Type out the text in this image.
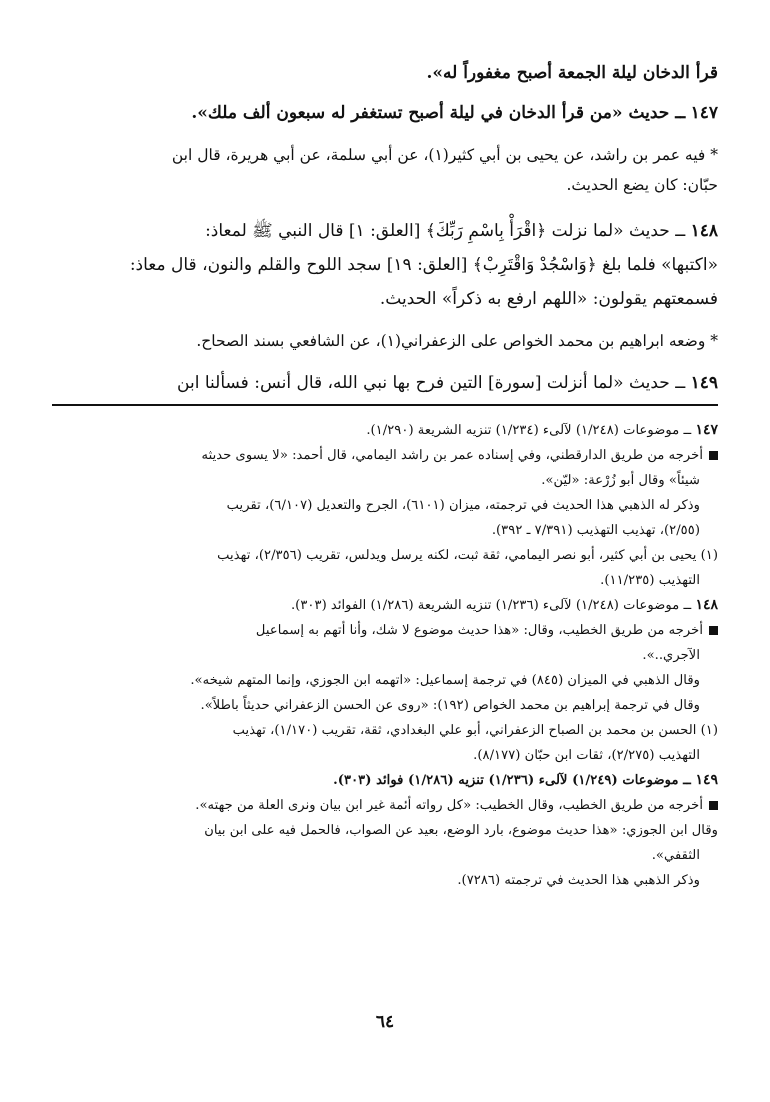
قرأ الدخان ليلة الجمعة أصبح مغفوراً له».

١٤٧ ــ حديث «من قرأ الدخان في ليلة أصبح تستغفر له سبعون ألف ملك».

* فيه عمر بن راشد، عن يحيى بن أبي كثير(١)، عن أبي سلمة، عن أبي هريرة، قال ابن

حبّان: كان يضع الحديث.

١٤٨ ــ حديث «لما نزلت ﴿اقْرَأْ بِاسْمِ رَبِّكَ﴾ [العلق: ١] قال النبي ﷺ لمعاذ:

«اكتبها» فلما بلغ ﴿وَاسْجُدْ وَاقْتَرِبْ﴾ [العلق: ١٩] سجد اللوح والقلم والنون، قال معاذ:

فسمعتهم يقولون: «اللهم ارفع به ذكراً» الحديث.

* وضعه ابراهيم بن محمد الخواص على الزعفراني(١)، عن الشافعي بسند الصحاح.

١٤٩ ــ حديث «لما أنزلت [سورة] التين فرح بها نبي الله، قال أنس: فسألنا ابن

١٤٧ ــ موضوعات (١/٢٤٨) لآلىء (١/٢٣٤) تنزيه الشريعة (١/٢٩٠).

أخرجه من طريق الدارقطني، وفي إسناده عمر بن راشد اليمامي، قال أحمد: «لا يسوى حديثه

شيئاً» وقال أبو زُرْعة: «ليّن».

وذكر له الذهبي هذا الحديث في ترجمته، ميزان (٦١٠١)، الجرح والتعديل (٦/١٠٧)، تقريب

(٢/٥٥)، تهذيب التهذيب (٧/٣٩١ ـ ٣٩٢).

(١) يحيى بن أبي كثير، أبو نصر اليمامي، ثقة ثبت، لكنه يرسل ويدلس، تقريب (٢/٣٥٦)، تهذيب

التهذيب (١١/٢٣٥).

١٤٨ ــ موضوعات (١/٢٤٨) لآلىء (١/٢٣٦) تنزيه الشريعة (١/٢٨٦) الفوائد (٣٠٣).

أخرجه من طريق الخطيب، وقال: «هذا حديث موضوع لا شك، وأنا أتهم به إسماعيل

الآجري..».

وقال الذهبي في الميزان (٨٤٥) في ترجمة إسماعيل: «اتهمه ابن الجوزي، وإنما المتهم شيخه».

وقال في ترجمة إبراهيم بن محمد الخواص (١٩٢): «روى عن الحسن الزعفراني حديثاً باطلاً».

(١) الحسن بن محمد بن الصباح الزعفراني، أبو علي البغدادي، ثقة، تقريب (١/١٧٠)، تهذيب

التهذيب (٢/٢٧٥)، ثقات ابن حبّان (٨/١٧٧).

١٤٩ ــ موضوعات (١/٢٤٩) لآلىء (١/٢٣٦) تنزيه (١/٢٨٦) فوائد (٣٠٣).

أخرجه من طريق الخطيب، وقال الخطيب: «كل رواته أئمة غير ابن بيان ونرى العلة من جهته».

وقال ابن الجوزي: «هذا حديث موضوع، بارد الوضع، بعيد عن الصواب، فالحمل فيه على ابن بيان

الثقفي».

وذكر الذهبي هذا الحديث في ترجمته (٧٢٨٦).

٦٤
